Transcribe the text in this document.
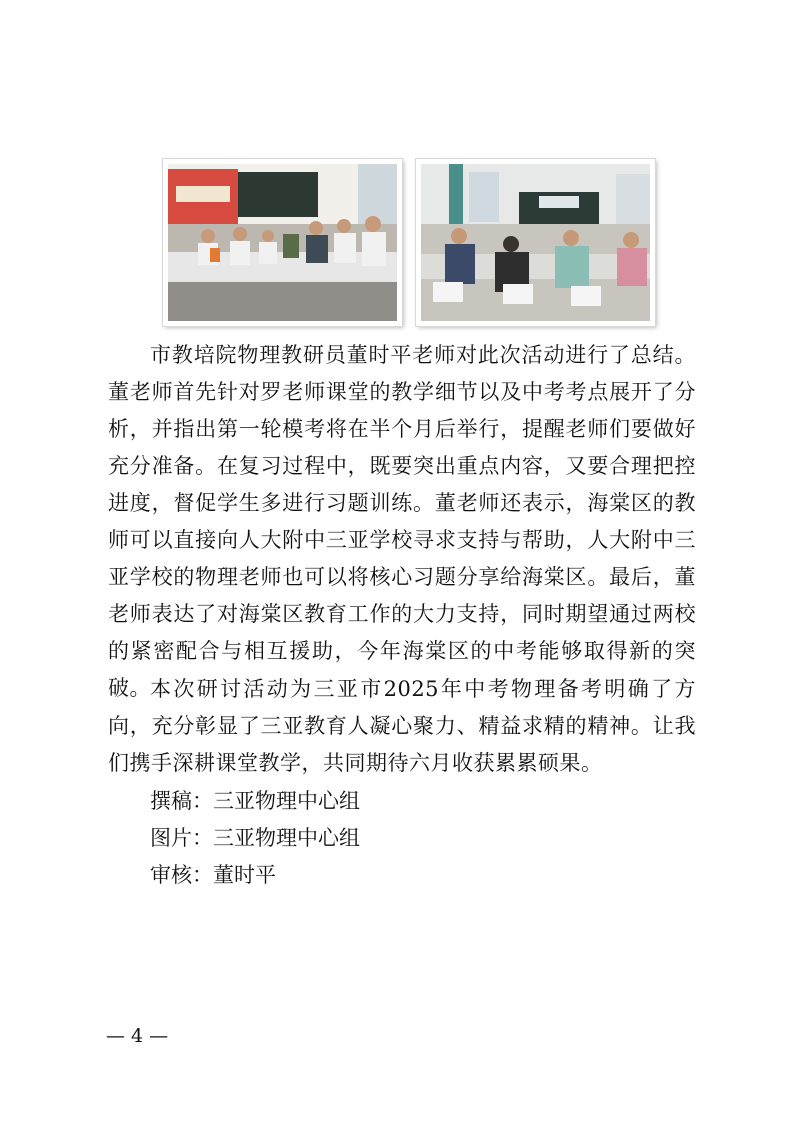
市教培院物理教研员董时平老师对此次活动进行了总结。董老师首先针对罗老师课堂的教学细节以及中考考点展开了分析，并指出第一轮模考将在半个月后举行，提醒老师们要做好充分准备。在复习过程中，既要突出重点内容，又要合理把控进度，督促学生多进行习题训练。董老师还表示，海棠区的教师可以直接向人大附中三亚学校寻求支持与帮助，人大附中三亚学校的物理老师也可以将核心习题分享给海棠区。最后，董老师表达了对海棠区教育工作的大力支持，同时期望通过两校的紧密配合与相互援助，今年海棠区的中考能够取得新的突破。 本次研讨活动为三亚市2025年中考物理备考明确了方向，充分彰显了三亚教育人凝心聚力、精益求精的精神。让我们携手深耕课堂教学，共同期待六月收获累累硕果。

撰稿：三亚物理中心组

图片：三亚物理中心组

审核：董时平

— 4 —
